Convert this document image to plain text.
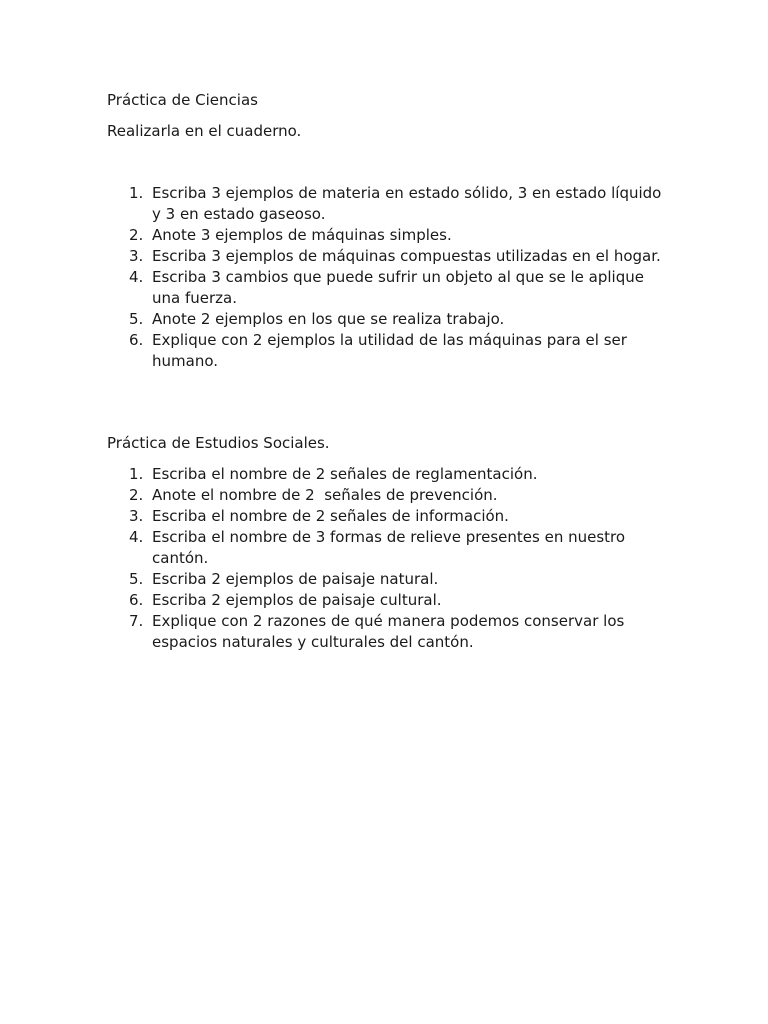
Práctica de Ciencias
Realizarla en el cuaderno.
1. Escriba 3 ejemplos de materia en estado sólido, 3 en estado líquido y 3 en estado gaseoso.
2. Anote 3 ejemplos de máquinas simples.
3. Escriba 3 ejemplos de máquinas compuestas utilizadas en el hogar.
4. Escriba 3 cambios que puede sufrir un objeto al que se le aplique una fuerza.
5. Anote 2 ejemplos en los que se realiza trabajo.
6. Explique con 2 ejemplos la utilidad de las máquinas para el ser humano.
Práctica de Estudios Sociales.
1. Escriba el nombre de 2 señales de reglamentación.
2. Anote el nombre de 2  señales de prevención.
3. Escriba el nombre de 2 señales de información.
4. Escriba el nombre de 3 formas de relieve presentes en nuestro cantón.
5. Escriba 2 ejemplos de paisaje natural.
6. Escriba 2 ejemplos de paisaje cultural.
7. Explique con 2 razones de qué manera podemos conservar los espacios naturales y culturales del cantón.
